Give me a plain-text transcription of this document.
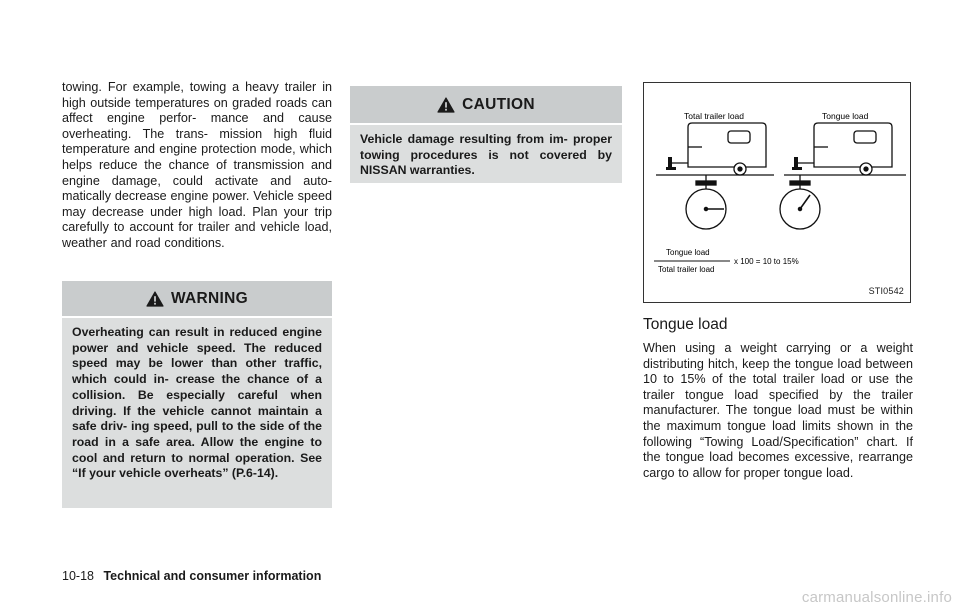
towing. For example, towing a heavy trailer in high outside temperatures on graded roads can affect engine perfor- mance and cause overheating. The trans- mission high fluid temperature and engine protection mode, which helps reduce the chance of transmission and engine damage, could activate and auto- matically decrease engine power. Vehicle speed may decrease under high load. Plan your trip carefully to account for trailer and vehicle load, weather and road conditions.

WARNING
Overheating can result in reduced engine power and vehicle speed. The reduced speed may be lower than other traffic, which could in- crease the chance of a collision. Be especially careful when driving. If the vehicle cannot maintain a safe driv- ing speed, pull to the side of the road in a safe area. Allow the engine to cool and return to normal operation. See “If your vehicle overheats” (P.6-14).
CAUTION
Vehicle damage resulting from im- proper towing procedures is not covered by NISSAN warranties.
Total trailer load	Tongue load
Tongue load
Total trailer load
x 100 = 10 to 15%
STI0542
Tongue load

When using a weight carrying or a weight distributing hitch, keep the tongue load between 10 to 15% of the total trailer load or use the trailer tongue load specified by the trailer manufacturer. The tongue load must be within the maximum tongue load limits shown in the following “Towing Load/Specification” chart. If the tongue load becomes excessive, rearrange cargo to allow for proper tongue load.

10-18 Technical and consumer information
carmanualsonline.info
